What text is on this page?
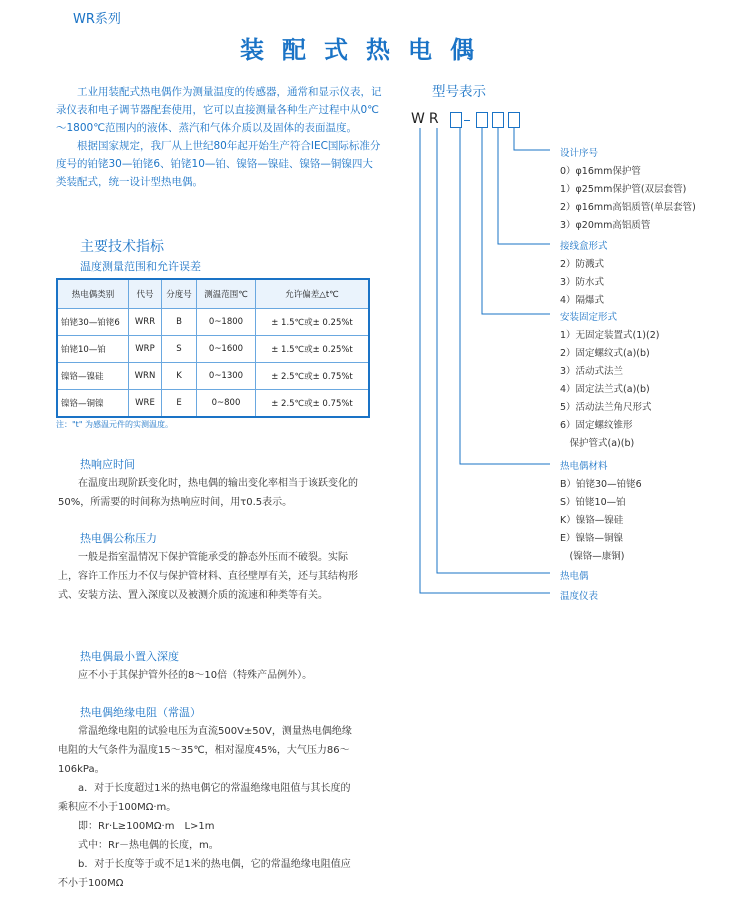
WR系列
装配式热电偶

工业用装配式热电偶作为测量温度的传感器，通常和显示仪表，记录仪表和电子调节器配套使用，它可以直接测量各种生产过程中从0℃～1800℃范围内的液体、蒸汽和气体介质以及固体的表面温度。

根据国家规定，我厂从上世纪80年起开始生产符合IEC国际标准分度号的铂铑30—铂铑6、铂铑10—铂、镍铬—镍硅、镍铬—铜镍四大类装配式，统一设计型热电偶。

主要技术指标
温度测量范围和允许误差
热电偶类别	代号	分度号	测温范围℃	允许偏差△t℃
铂铑30—铂铑6	WRR	B	0~1800	± 1.5℃或± 0.25%t
铂铑10—铂	WRP	S	0~1600	± 1.5℃或± 0.25%t
镍铬—镍硅	WRN	K	0~1300	± 2.5℃或± 0.75%t
镍铬—铜镍	WRE	E	0~800	± 2.5℃或± 0.75%t
注："t" 为感温元件的实测温度。
热响应时间

在温度出现阶跃变化时，热电偶的输出变化率相当于该跃变化的50%，所需要的时间称为热响应时间，用τ0.5表示。

热电偶公称压力

一般是指室温情况下保护管能承受的静态外压而不破裂。实际上，容许工作压力不仅与保护管材料、直径壁厚有关，还与其结构形式、安装方法、置入深度以及被测介质的流速和种类等有关。

热电偶最小置入深度

应不小于其保护管外径的8～10倍（特殊产品例外）。

热电偶绝缘电阻（常温）

常温绝缘电阻的试验电压为直流500V±50V，测量热电偶绝缘电阻的大气条件为温度15～35℃，相对湿度45%，大气压力86～106kPa。

a．对于长度超过1米的热电偶它的常温绝缘电阻值与其长度的乘积应不小于100MΩ·m。

即：Rr·L≥100MΩ·m　L>1m

式中：Rr－热电偶的长度，m。

b．对于长度等于或不足1米的热电偶，它的常温绝缘电阻值应不小于100MΩ

型号表示
WR
设计序号
0）φ16mm保护管
1）φ25mm保护管(双层套管)
2）φ16mm高铝质管(单层套管)
3）φ20mm高铝质管
接线盒形式
2）防溅式
3）防水式
4）隔爆式
安装固定形式
1）无固定装置式(1)(2)
2）固定螺纹式(a)(b)
3）活动式法兰
4）固定法兰式(a)(b)
5）活动法兰角尺形式
6）固定螺纹锥形
　保护管式(a)(b)
热电偶材料
B）铂铑30—铂铑6
S）铂铑10—铂
K）镍铬—镍硅
E）镍铬—铜镍
　(镍铬—康铜)
热电偶
温度仪表
